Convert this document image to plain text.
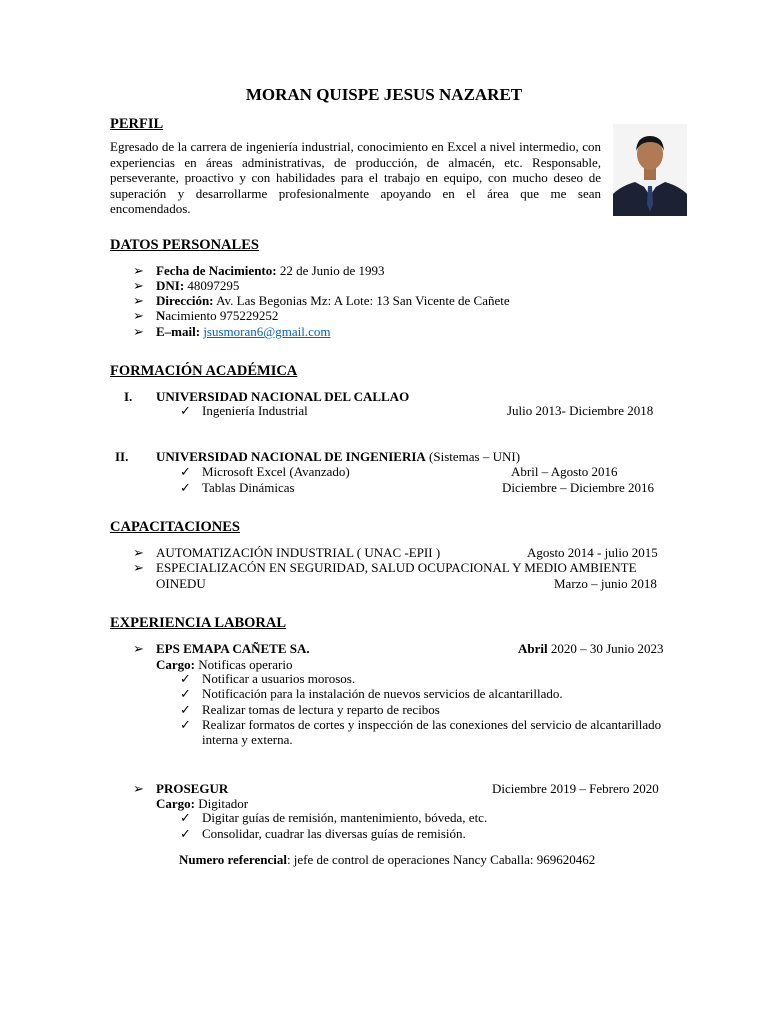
MORAN QUISPE JESUS NAZARET
PERFIL
Egresado de la carrera de ingeniería industrial, conocimiento en Excel a nivel intermedio, con experiencias en áreas administrativas, de producción, de almacén, etc. Responsable, perseverante, proactivo y con habilidades para el trabajo en equipo, con mucho deseo de superación y desarrollarme profesionalmente apoyando en el área que me sean encomendados.
DATOS PERSONALES
➢ Fecha de Nacimiento: 22 de Junio de 1993
➢ DNI: 48097295
➢ Dirección: Av. Las Begonias Mz: A Lote: 13 San Vicente de Cañete
➢ Nacimiento 975229252
➢ E–mail: jsusmoran6@gmail.com
FORMACIÓN ACADÉMICA
I. UNIVERSIDAD NACIONAL DEL CALLAO
✓ Ingeniería Industrial	Julio 2013- Diciembre 2018
II. UNIVERSIDAD NACIONAL DE INGENIERIA (Sistemas – UNI)
✓ Microsoft Excel (Avanzado)	Abril – Agosto 2016
✓ Tablas Dinámicas	Diciembre – Diciembre 2016
CAPACITACIONES
➢ AUTOMATIZACIÓN INDUSTRIAL ( UNAC -EPII )	Agosto 2014 - julio 2015
➢ ESPECIALIZACÓN EN SEGURIDAD, SALUD OCUPACIONAL Y MEDIO AMBIENTE
OINEDU	Marzo – junio 2018
EXPERIENCIA LABORAL
➢ EPS EMAPA CAÑETE SA.	Abril 2020 – 30 Junio 2023
Cargo: Notificas operario
✓ Notificar a usuarios morosos.
✓ Notificación para la instalación de nuevos servicios de alcantarillado.
✓ Realizar tomas de lectura y reparto de recibos
✓ Realizar formatos de cortes y inspección de las conexiones del servicio de alcantarillado
interna y externa.
➢ PROSEGUR	Diciembre 2019 – Febrero 2020
Cargo: Digitador
✓ Digitar guías de remisión, mantenimiento, bóveda, etc.
✓ Consolidar, cuadrar las diversas guías de remisión.
Numero referencial: jefe de control de operaciones Nancy Caballa: 969620462
